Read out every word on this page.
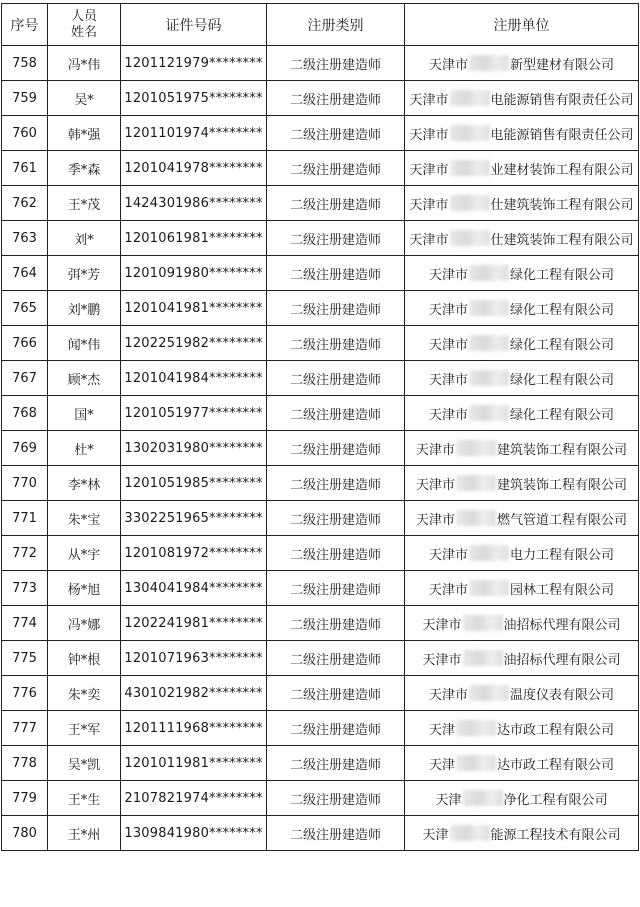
序号	人员
姓名	证件号码	注册类别	注册单位
758	冯*伟	1201121979********	二级注册建造师	天津市 新型建材有限公司

759	吴*	1201051975********	二级注册建造师	天津市 电能源销售有限责任公司

760	韩*强	1201101974********	二级注册建造师	天津市 电能源销售有限责任公司

761	季*森	1201041978********	二级注册建造师	天津市 业建材装饰工程有限公司

762	王*茂	1424301986********	二级注册建造师	天津市 仕建筑装饰工程有限公司

763	刘*	1201061981********	二级注册建造师	天津市 仕建筑装饰工程有限公司

764	弭*芳	1201091980********	二级注册建造师	天津市 绿化工程有限公司

765	刘*鹏	1201041981********	二级注册建造师	天津市 绿化工程有限公司

766	闻*伟	1202251982********	二级注册建造师	天津市 绿化工程有限公司

767	顾*杰	1201041984********	二级注册建造师	天津市 绿化工程有限公司

768	国*	1201051977********	二级注册建造师	天津市 绿化工程有限公司

769	杜*	1302031980********	二级注册建造师	天津市 建筑装饰工程有限公司

770	李*林	1201051985********	二级注册建造师	天津市 建筑装饰工程有限公司

771	朱*宝	3302251965********	二级注册建造师	天津市 燃气管道工程有限公司

772	从*宇	1201081972********	二级注册建造师	天津市 电力工程有限公司

773	杨*旭	1304041984********	二级注册建造师	天津市 园林工程有限公司

774	冯*娜	1202241981********	二级注册建造师	天津市 油招标代理有限公司

775	钟*根	1201071963********	二级注册建造师	天津市 油招标代理有限公司

776	朱*奕	4301021982********	二级注册建造师	天津市 温度仪表有限公司

777	王*军	1201111968********	二级注册建造师	天津 达市政工程有限公司

778	吴*凯	1201011981********	二级注册建造师	天津 达市政工程有限公司

779	王*生	2107821974********	二级注册建造师	天津 净化工程有限公司

780	王*州	1309841980********	二级注册建造师	天津 能源工程技术有限公司
